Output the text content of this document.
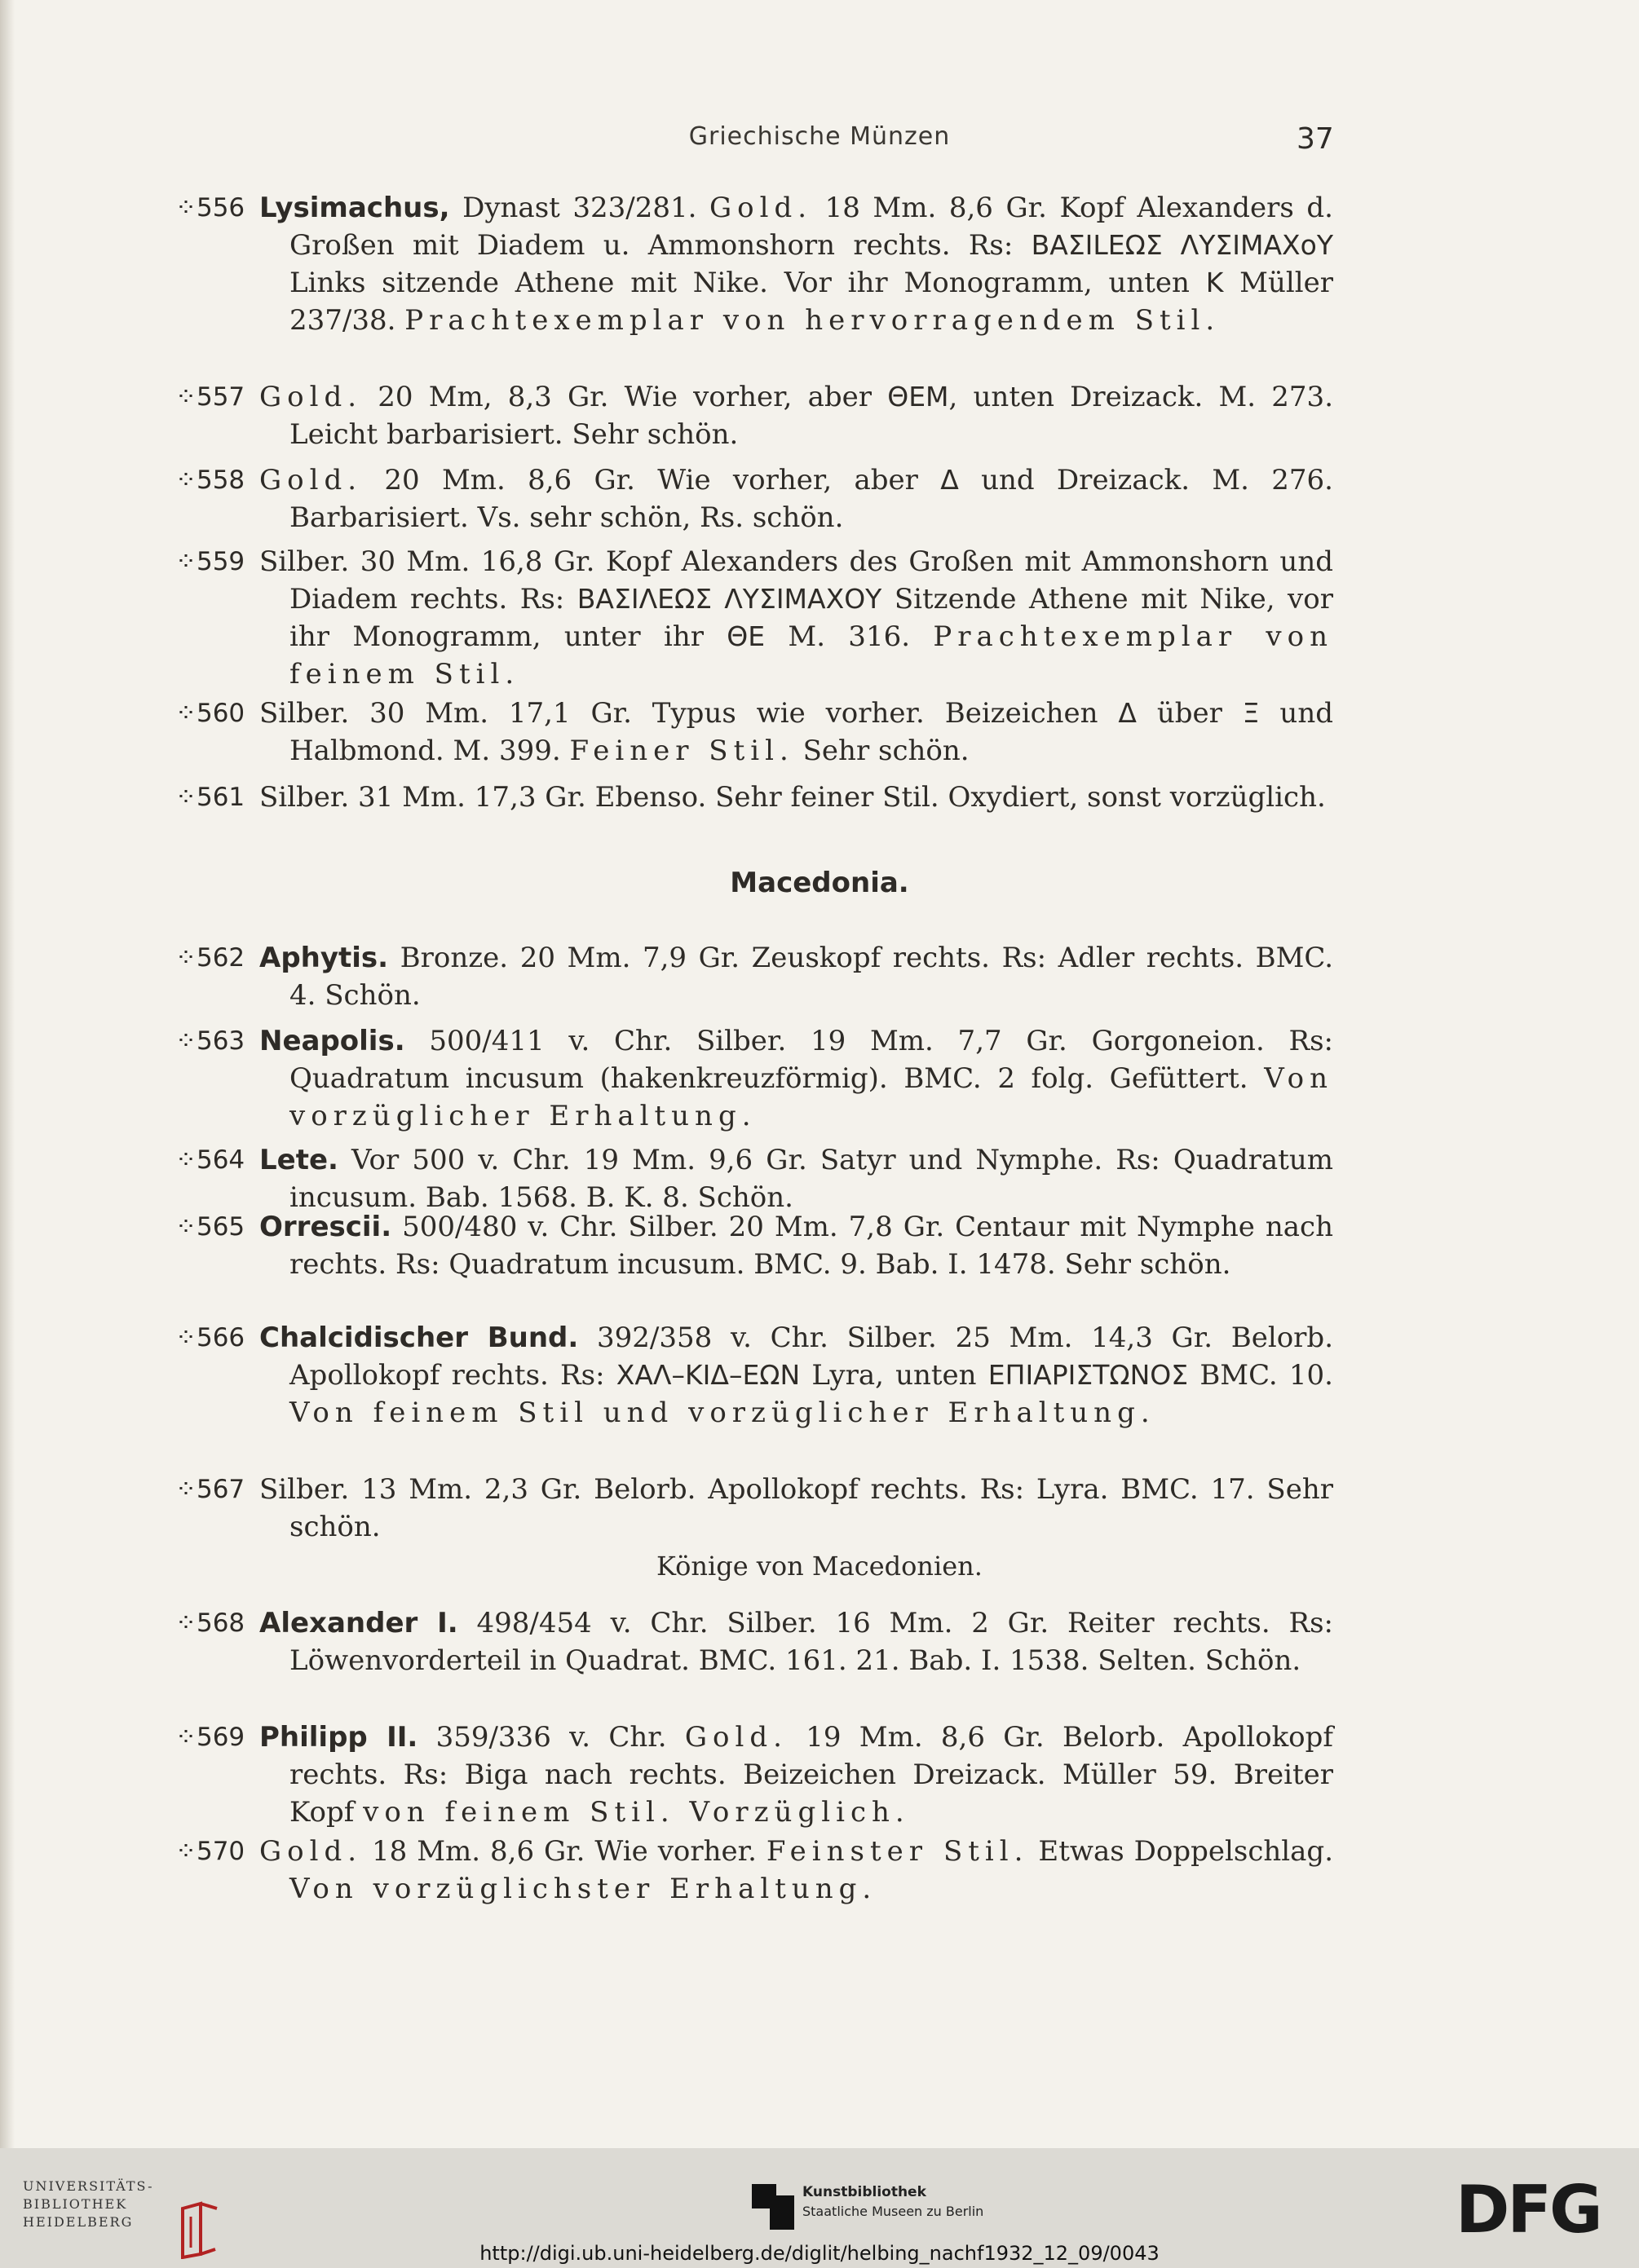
Griechische Münzen	37
⁘556 Lysimachus, Dynast 323/281. Gold. 18 Mm. 8,6 Gr. Kopf Alexanders d. Großen mit Diadem u. Ammonshorn rechts. Rs: ΒΑΣΙLΕΩΣ ΛΥΣΙΜΑΧoΥ Links sitzende Athene mit Nike. Vor ihr Monogramm, unten Κ Müller 237/38. Prachtexemplar von hervorragendem Stil.
⁘557 Gold. 20 Mm, 8,3 Gr. Wie vorher, aber ΘΕΜ, unten Dreizack. M. 273. Leicht barbarisiert. Sehr schön.
⁘558 Gold. 20 Mm. 8,6 Gr. Wie vorher, aber Δ und Dreizack. M. 276. Barbarisiert. Vs. sehr schön, Rs. schön.
⁘559 Silber. 30 Mm. 16,8 Gr. Kopf Alexanders des Großen mit Ammonshorn und Diadem rechts. Rs: ΒΑΣΙΛΕΩΣ ΛΥΣΙΜΑΧΟΥ Sitzende Athene mit Nike, vor ihr Monogramm, unter ihr ΘΕ M. 316. Prachtexemplar von feinem Stil.
⁘560 Silber. 30 Mm. 17,1 Gr. Typus wie vorher. Beizeichen Δ über Ξ und Halbmond. M. 399. Feiner Stil. Sehr schön.
⁘561 Silber. 31 Mm. 17,3 Gr. Ebenso. Sehr feiner Stil. Oxydiert, sonst vorzüglich.
Macedonia.
⁘562 Aphytis. Bronze. 20 Mm. 7,9 Gr. Zeuskopf rechts. Rs: Adler rechts. BMC. 4. Schön.
⁘563 Neapolis. 500/411 v. Chr. Silber. 19 Mm. 7,7 Gr. Gorgoneion. Rs: Quadratum incusum (hakenkreuzförmig). BMC. 2 folg. Gefüttert. Von vorzüglicher Erhaltung.
⁘564 Lete. Vor 500 v. Chr. 19 Mm. 9,6 Gr. Satyr und Nymphe. Rs: Quadratum incusum. Bab. 1568. B. K. 8. Schön.
⁘565 Orrescii. 500/480 v. Chr. Silber. 20 Mm. 7,8 Gr. Centaur mit Nymphe nach rechts. Rs: Quadratum incusum. BMC. 9. Bab. I. 1478. Sehr schön.
⁘566 Chalcidischer Bund. 392/358 v. Chr. Silber. 25 Mm. 14,3 Gr. Belorb. Apollokopf rechts. Rs: ΧΑΛ–ΚΙΔ–ΕΩΝ Lyra, unten ΕΠΙΑΡΙΣΤΩΝΟΣ BMC. 10. Von feinem Stil und vorzüglicher Erhaltung.
⁘567 Silber. 13 Mm. 2,3 Gr. Belorb. Apollokopf rechts. Rs: Lyra. BMC. 17. Sehr schön.
Könige von Macedonien.
⁘568 Alexander I. 498/454 v. Chr. Silber. 16 Mm. 2 Gr. Reiter rechts. Rs: Löwenvorderteil in Quadrat. BMC. 161. 21. Bab. I. 1538. Selten. Schön.
⁘569 Philipp II. 359/336 v. Chr. Gold. 19 Mm. 8,6 Gr. Belorb. Apollokopf rechts. Rs: Biga nach rechts. Beizeichen Dreizack. Müller 59. Breiter Kopf von feinem Stil. Vorzüglich.
⁘570 Gold. 18 Mm. 8,6 Gr. Wie vorher. Feinster Stil. Etwas Doppelschlag. Von vorzüglichster Erhaltung.
UNIVERSITÄTS-
BIBLIOTHEK
HEIDELBERG
Kunstbibliothek
Staatliche Museen zu Berlin	DFG
http://digi.ub.uni-heidelberg.de/diglit/helbing_nachf1932_12_09/0043
